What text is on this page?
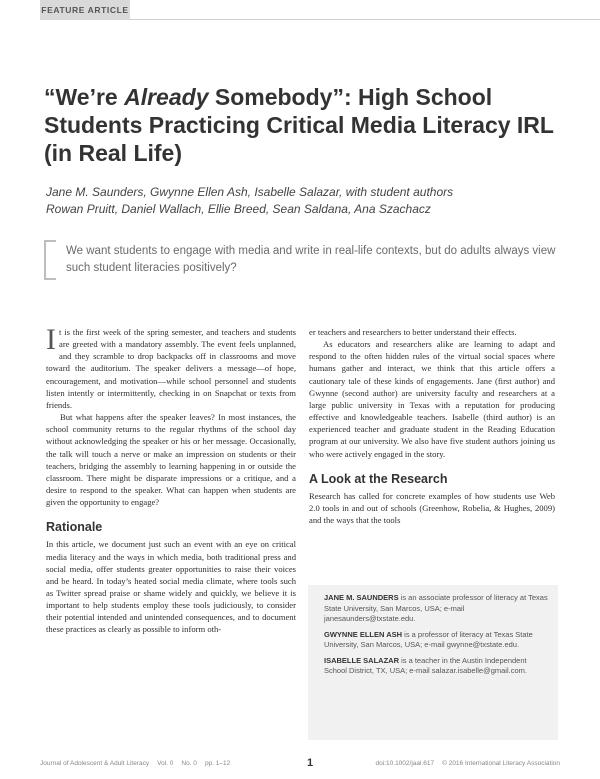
FEATURE ARTICLE
“We’re Already Somebody”: High School Students Practicing Critical Media Literacy IRL (in Real Life)
Jane M. Saunders, Gwynne Ellen Ash, Isabelle Salazar, with student authors
Rowan Pruitt, Daniel Wallach, Ellie Breed, Sean Saldana, Ana Szachacz
We want students to engage with media and write in real-life contexts, but do adults always view such student literacies positively?

It is the first week of the spring semester, and teachers and students are greeted with a mandatory assembly. The event feels unplanned, and they scramble to drop backpacks off in classrooms and move toward the auditorium. The speaker delivers a message—of hope, encouragement, and motivation—while school personnel and students listen intently or intermittently, checking in on Snapchat or texts from friends.

But what happens after the speaker leaves? In most instances, the school community returns to the regular rhythms of the school day without acknowledging the speaker or his or her message. Occasionally, the talk will touch a nerve or make an impression on students or their teachers, bridging the assembly to learning happening in or outside the classroom. There might be disparate impressions or a critique, and a desire to respond to the speaker. What can happen when students are given the opportunity to engage?

Rationale

In this article, we document just such an event with an eye on critical media literacy and the ways in which media, both traditional press and social media, offer students greater opportunities to raise their voices and be heard. In today’s heated social media climate, where tools such as Twitter spread praise or shame widely and quickly, we believe it is important to help students employ these tools judiciously, to consider their potential intended and unintended consequences, and to document these practices as clearly as possible to inform oth-

er teachers and researchers to better understand their effects.

As educators and researchers alike are learning to adapt and respond to the often hidden rules of the virtual social spaces where humans gather and interact, we think that this article offers a cautionary tale of these kinds of engagements. Jane (first author) and Gwynne (second author) are university faculty and researchers at a large public university in Texas with a reputation for producing effective and knowledgeable teachers. Isabelle (third author) is an experienced teacher and graduate student in the Reading Education program at our university. We also have five student authors joining us who were actively engaged in the story.

A Look at the Research

Research has called for concrete examples of how students use Web 2.0 tools in and out of schools (Greenhow, Robelia, & Hughes, 2009) and the ways that the tools

JANE M. SAUNDERS is an associate professor of literacy at Texas State University, San Marcos, USA; e-mail janesaunders@txstate.edu.

GWYNNE ELLEN ASH is a professor of literacy at Texas State University, San Marcos, USA; e-mail gwynne@txstate.edu.

ISABELLE SALAZAR is a teacher in the Austin Independent School District, TX, USA; e-mail salazar.isabelle@gmail.com.

Journal of Adolescent & Adult Literacy Vol. 0 No. 0 pp. 1–12	1	doi:10.1002/jaal.617 © 2016 International Literacy Association
